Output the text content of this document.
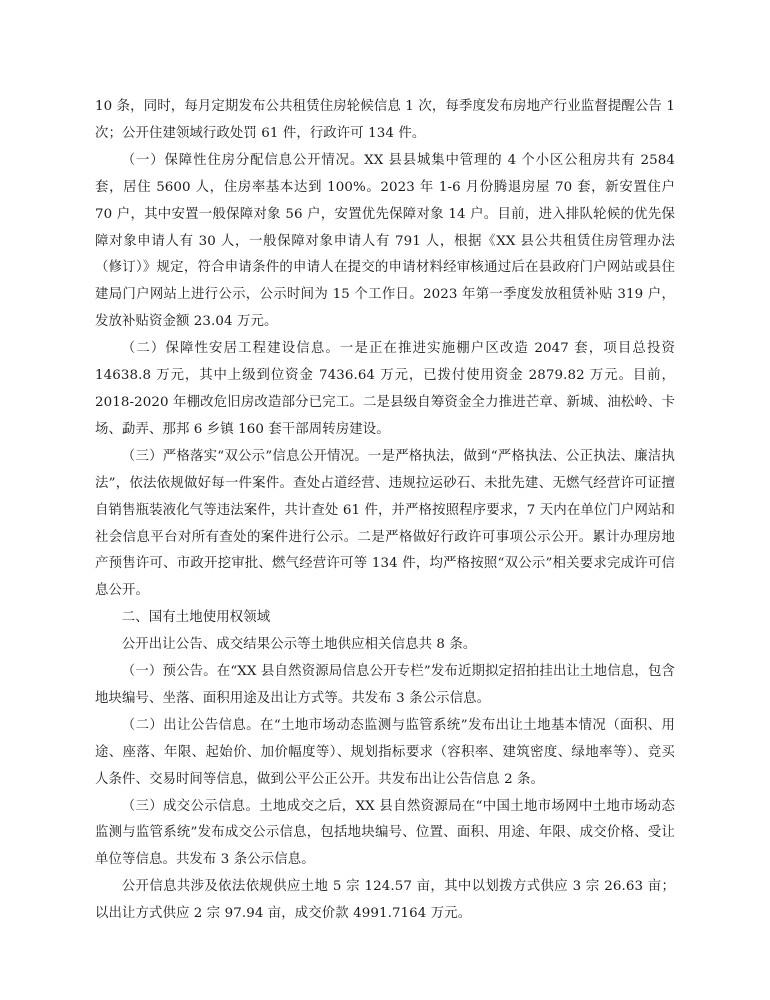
10 条，同时，每月定期发布公共租赁住房轮候信息 1 次，每季度发布房地产行业监督提醒公告 1 次；公开住建领域行政处罚 61 件，行政许可 134 件。

（一）保障性住房分配信息公开情况。XX 县县城集中管理的 4 个小区公租房共有 2584 套，居住 5600 人，住房率基本达到 100%。2023 年 1-6 月份腾退房屋 70 套，新安置住户 70 户，其中安置一般保障对象 56 户，安置优先保障对象 14 户。目前，进入排队轮候的优先保障对象申请人有 30 人，一般保障对象申请人有 791 人，根据《XX 县公共租赁住房管理办法（修订）》规定，符合申请条件的申请人在提交的申请材料经审核通过后在县政府门户网站或县住建局门户网站上进行公示，公示时间为 15 个工作日。2023 年第一季度发放租赁补贴 319 户，发放补贴资金额 23.04 万元。

（二）保障性安居工程建设信息。一是正在推进实施棚户区改造 2047 套，项目总投资 14638.8 万元，其中上级到位资金 7436.64 万元，已拨付使用资金 2879.82 万元。目前，2018-2020 年棚改危旧房改造部分已完工。二是县级自筹资金全力推进芒章、新城、油松岭、卡场、勐弄、那邦 6 乡镇 160 套干部周转房建设。

（三）严格落实“双公示”信息公开情况。一是严格执法，做到“严格执法、公正执法、廉洁执法”，依法依规做好每一件案件。查处占道经营、违规拉运砂石、未批先建、无燃气经营许可证擅自销售瓶装液化气等违法案件，共计查处 61 件，并严格按照程序要求，7 天内在单位门户网站和社会信息平台对所有查处的案件进行公示。二是严格做好行政许可事项公示公开。累计办理房地产预售许可、市政开挖审批、燃气经营许可等 134 件，均严格按照“双公示”相关要求完成许可信息公开。

二、国有土地使用权领域

公开出让公告、成交结果公示等土地供应相关信息共 8 条。

（一）预公告。在“XX 县自然资源局信息公开专栏”发布近期拟定招拍挂出让土地信息，包含地块编号、坐落、面积用途及出让方式等。共发布 3 条公示信息。

（二）出让公告信息。在“土地市场动态监测与监管系统”发布出让土地基本情况（面积、用途、座落、年限、起始价、加价幅度等）、规划指标要求（容积率、建筑密度、绿地率等）、竞买人条件、交易时间等信息，做到公平公正公开。共发布出让公告信息 2 条。

（三）成交公示信息。土地成交之后，XX 县自然资源局在“中国土地市场网中土地市场动态监测与监管系统”发布成交公示信息，包括地块编号、位置、面积、用途、年限、成交价格、受让单位等信息。共发布 3 条公示信息。

公开信息共涉及依法依规供应土地 5 宗 124.57 亩，其中以划拨方式供应 3 宗 26.63 亩；以出让方式供应 2 宗 97.94 亩，成交价款 4991.7164 万元。
